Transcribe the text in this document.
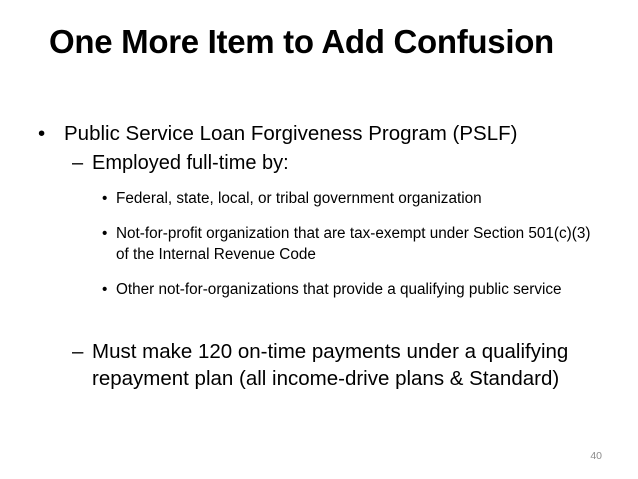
One More Item to Add Confusion
• Public Service Loan Forgiveness Program (PSLF)
– Employed full-time by:
• Federal, state, local, or tribal government organization
• Not-for-profit organization that are tax-exempt under Section 501(c)(3) of the Internal Revenue Code
• Other not-for-organizations that provide a qualifying public service
– Must make 120 on-time payments under a qualifying repayment plan (all income-drive plans & Standard)
40
